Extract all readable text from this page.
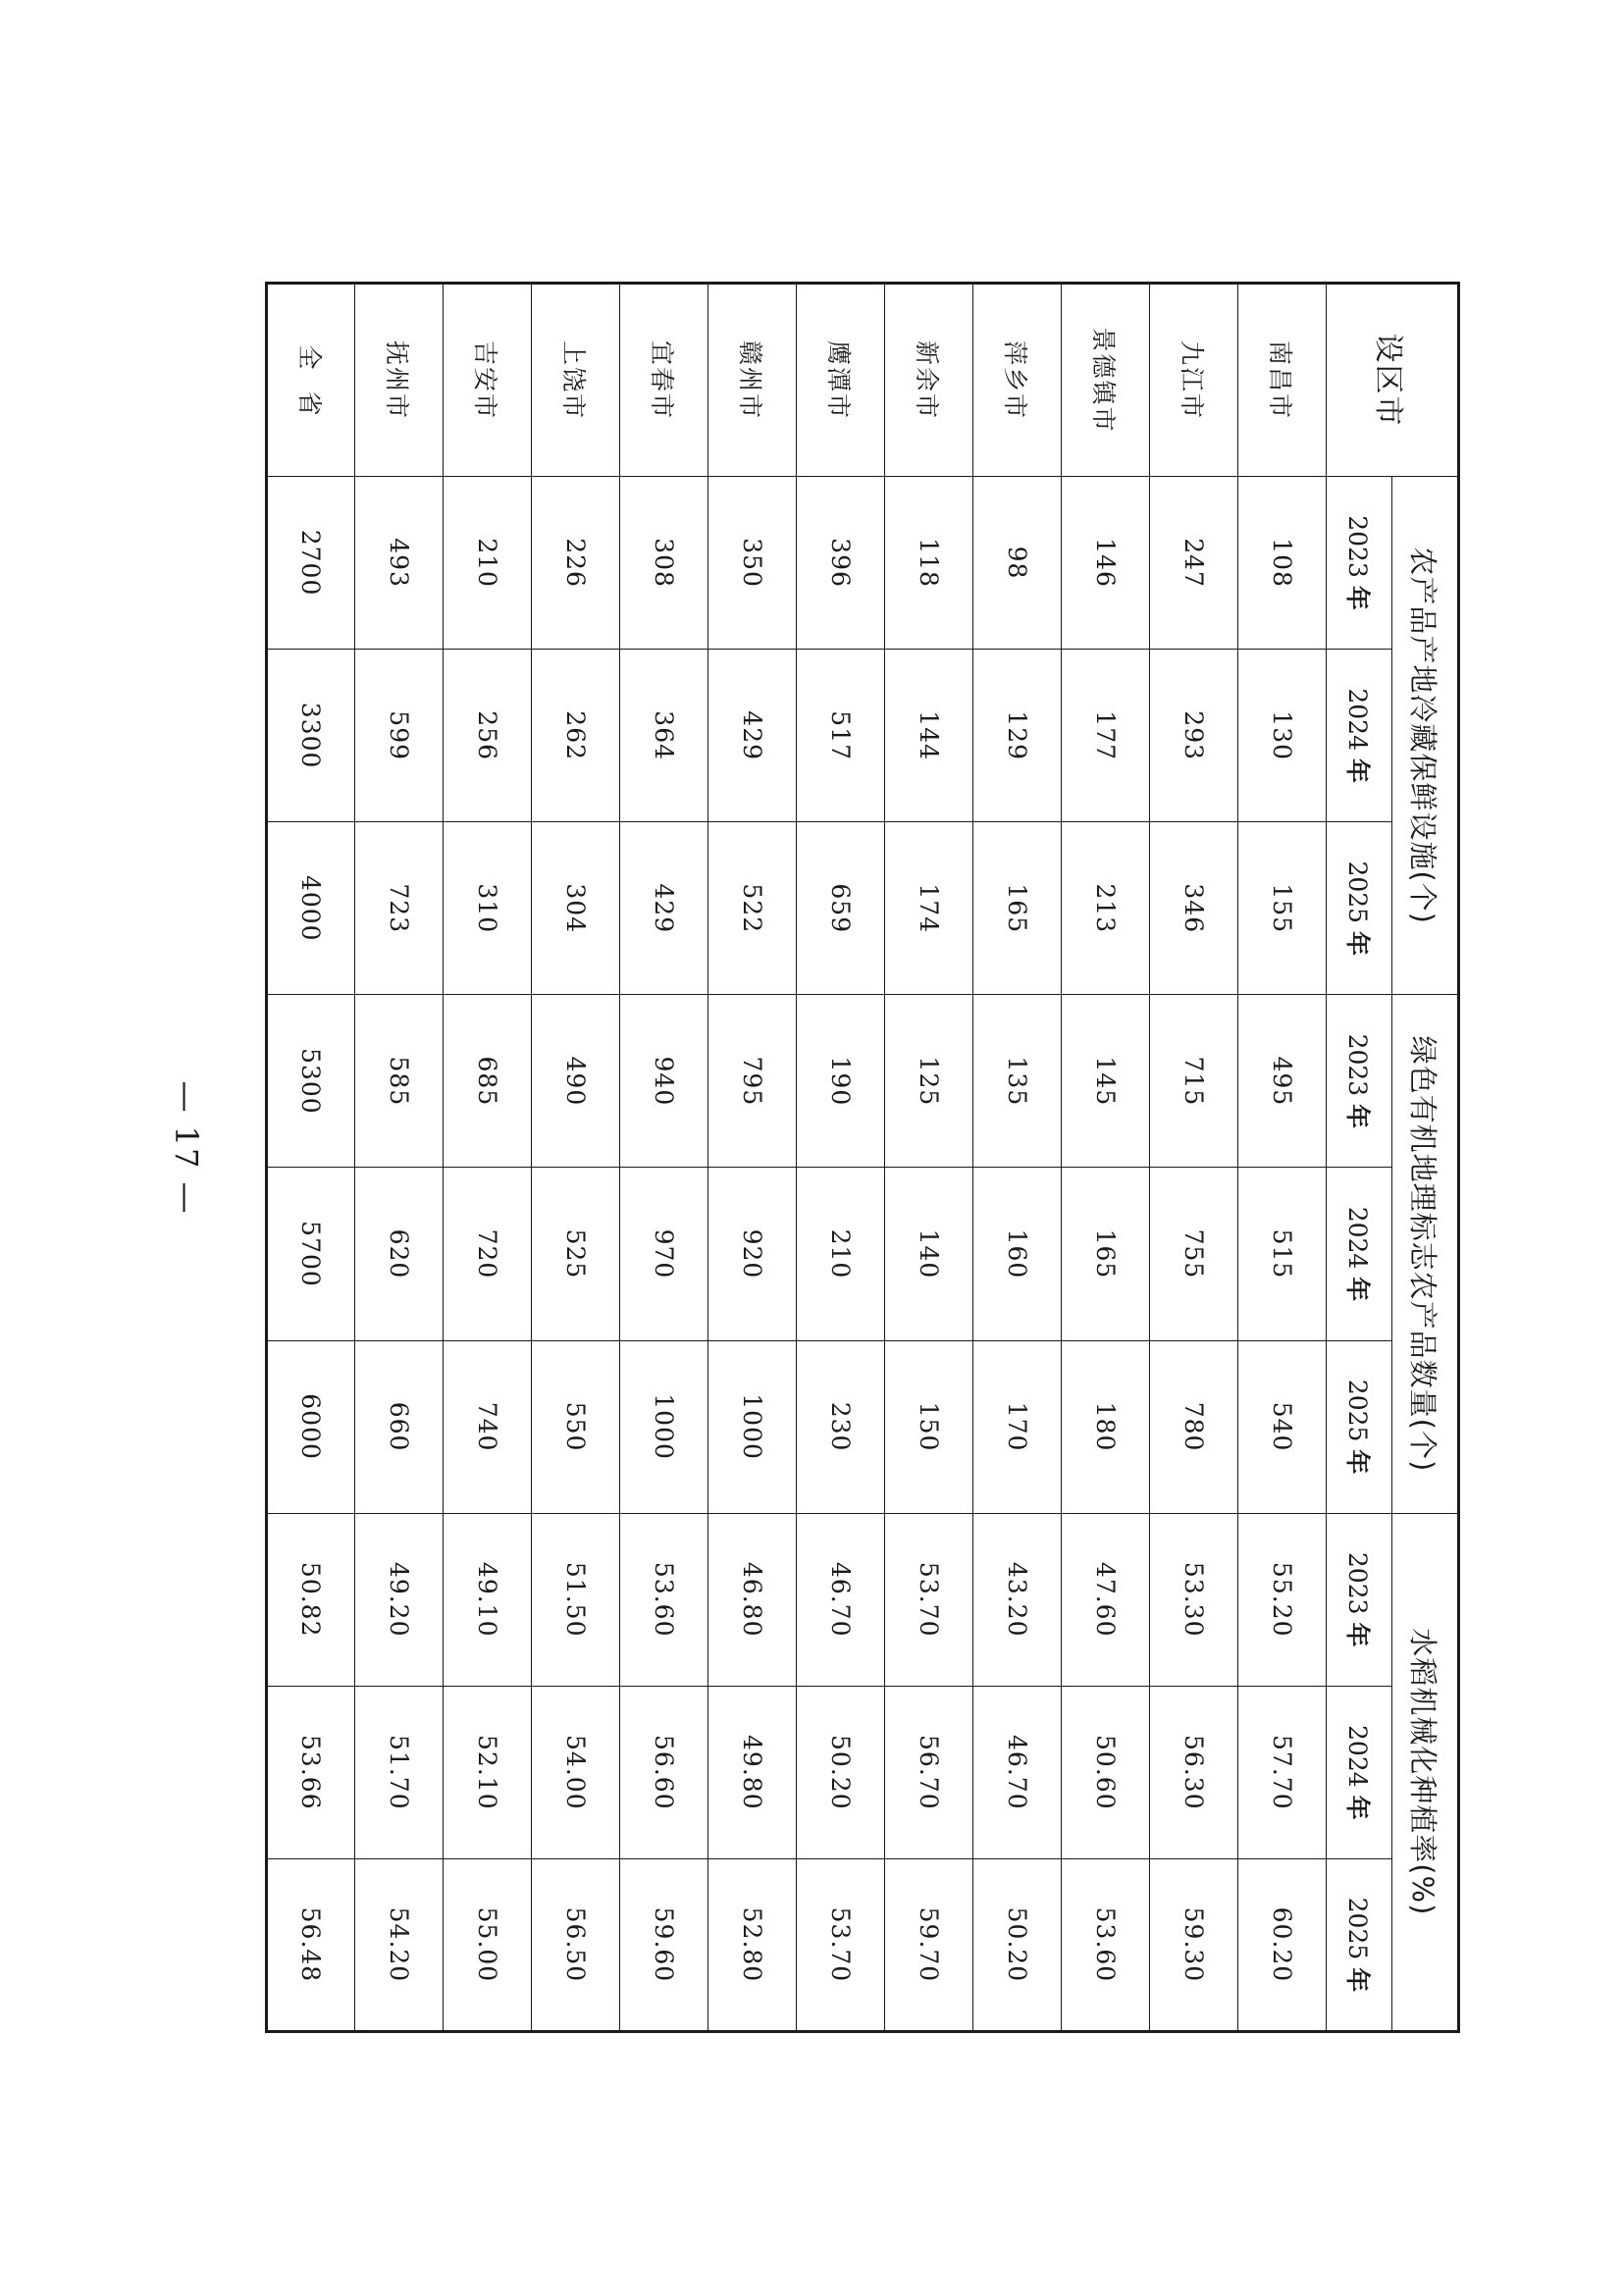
设区市	农产品产地冷藏保鲜设施(个)			绿色有机地理标志农产品数量(个)			水稻机械化种植率(%)		
	2023 年	2024 年	2025 年	2023 年	2024 年	2025 年	2023 年	2024 年	2025 年
南昌市	108	130	155	495	515	540	55.20	57.70	60.20
九江市	247	293	346	715	755	780	53.30	56.30	59.30
景德镇市	146	177	213	145	165	180	47.60	50.60	53.60
萍乡市	98	129	165	135	160	170	43.20	46.70	50.20
新余市	118	144	174	125	140	150	53.70	56.70	59.70
鹰潭市	396	517	659	190	210	230	46.70	50.20	53.70
赣州市	350	429	522	795	920	1000	46.80	49.80	52.80
宜春市	308	364	429	940	970	1000	53.60	56.60	59.60
上饶市	226	262	304	490	525	550	51.50	54.00	56.50
吉安市	210	256	310	685	720	740	49.10	52.10	55.00
抚州市	493	599	723	585	620	660	49.20	51.70	54.20
全省	2700	3300	4000	5300	5700	6000	50.82	53.66	56.48
— 17 —
